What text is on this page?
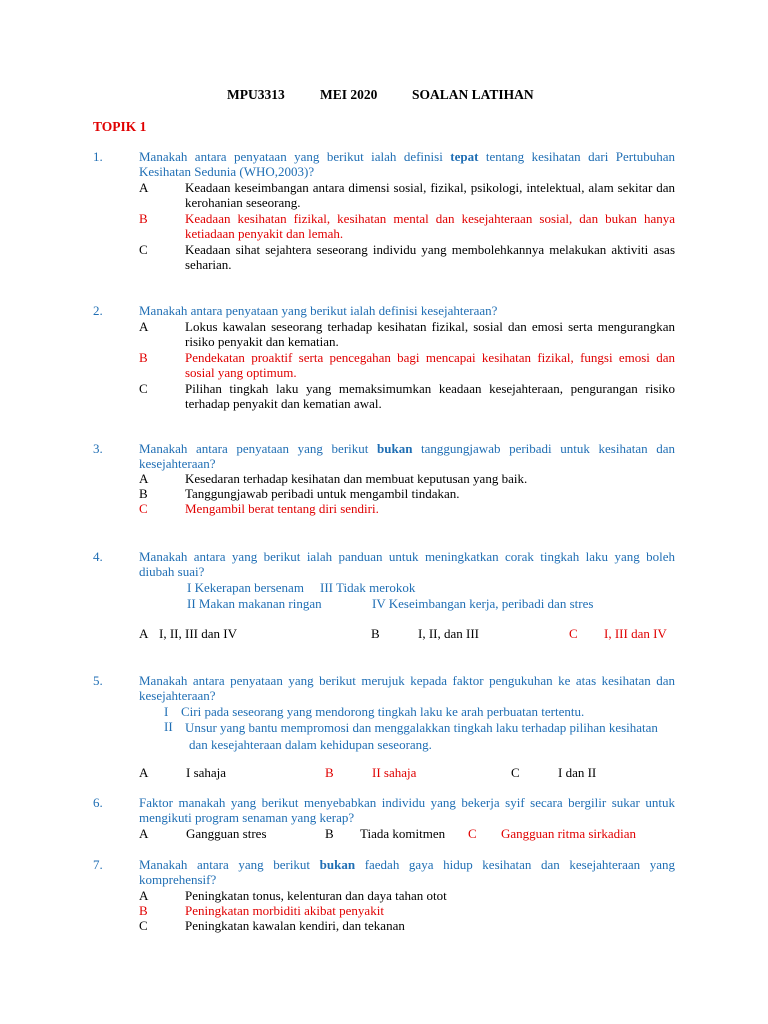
MPU3313	MEI 2020	SOALAN LATIHAN
TOPIK 1
1.	Manakah antara penyataan yang berikut ialah definisi tepat tentang kesihatan dari Pertubuhan Kesihatan Sedunia (WHO,2003)?
A	Keadaan keseimbangan antara dimensi sosial, fizikal, psikologi, intelektual, alam sekitar dan kerohanian seseorang.
B	Keadaan kesihatan fizikal, kesihatan mental dan kesejahteraan sosial, dan bukan hanya ketiadaan penyakit dan lemah.
C	Keadaan sihat sejahtera seseorang individu yang membolehkannya melakukan aktiviti asas seharian.
2.	Manakah antara penyataan yang berikut ialah definisi kesejahteraan?
A	Lokus kawalan seseorang terhadap kesihatan fizikal, sosial dan emosi serta mengurangkan risiko penyakit dan kematian.
B	Pendekatan proaktif serta pencegahan bagi mencapai kesihatan fizikal, fungsi emosi dan sosial yang optimum.
C	Pilihan tingkah laku yang memaksimumkan keadaan kesejahteraan, pengurangan risiko terhadap penyakit dan kematian awal.
3.	Manakah antara penyataan yang berikut bukan tanggungjawab peribadi untuk kesihatan dan kesejahteraan?
A	Kesedaran terhadap kesihatan dan membuat keputusan yang baik.
B	Tanggungjawab peribadi untuk mengambil tindakan.
C	Mengambil berat tentang diri sendiri.
4.	Manakah antara yang berikut ialah panduan untuk meningkatkan corak tingkah laku yang boleh diubah suai?
I Kekerapan bersenam III Tidak merokok
II Makan makanan ringan	IV Keseimbangan kerja, peribadi dan stres
A I, II, III dan IV	B	I, II, dan III	C I, III dan IV
5.	Manakah antara penyataan yang berikut merujuk kepada faktor pengukuhan ke atas kesihatan dan kesejahteraan?
I Ciri pada seseorang yang mendorong tingkah laku ke arah perbuatan tertentu.
II Unsur yang bantu mempromosi dan menggalakkan tingkah laku terhadap pilihan kesihatan dan kesejahteraan dalam kehidupan seseorang.
A	I sahaja	B	II sahaja	C	I dan II
6.	Faktor manakah yang berikut menyebabkan individu yang bekerja syif secara bergilir sukar untuk mengikuti program senaman yang kerap?
A	Gangguan stres	B Tiada komitmen C Gangguan ritma sirkadian
7.	Manakah antara yang berikut bukan faedah gaya hidup kesihatan dan kesejahteraan yang komprehensif?
A	Peningkatan tonus, kelenturan dan daya tahan otot
B	Peningkatan morbiditi akibat penyakit
C	Peningkatan kawalan kendiri, dan tekanan
